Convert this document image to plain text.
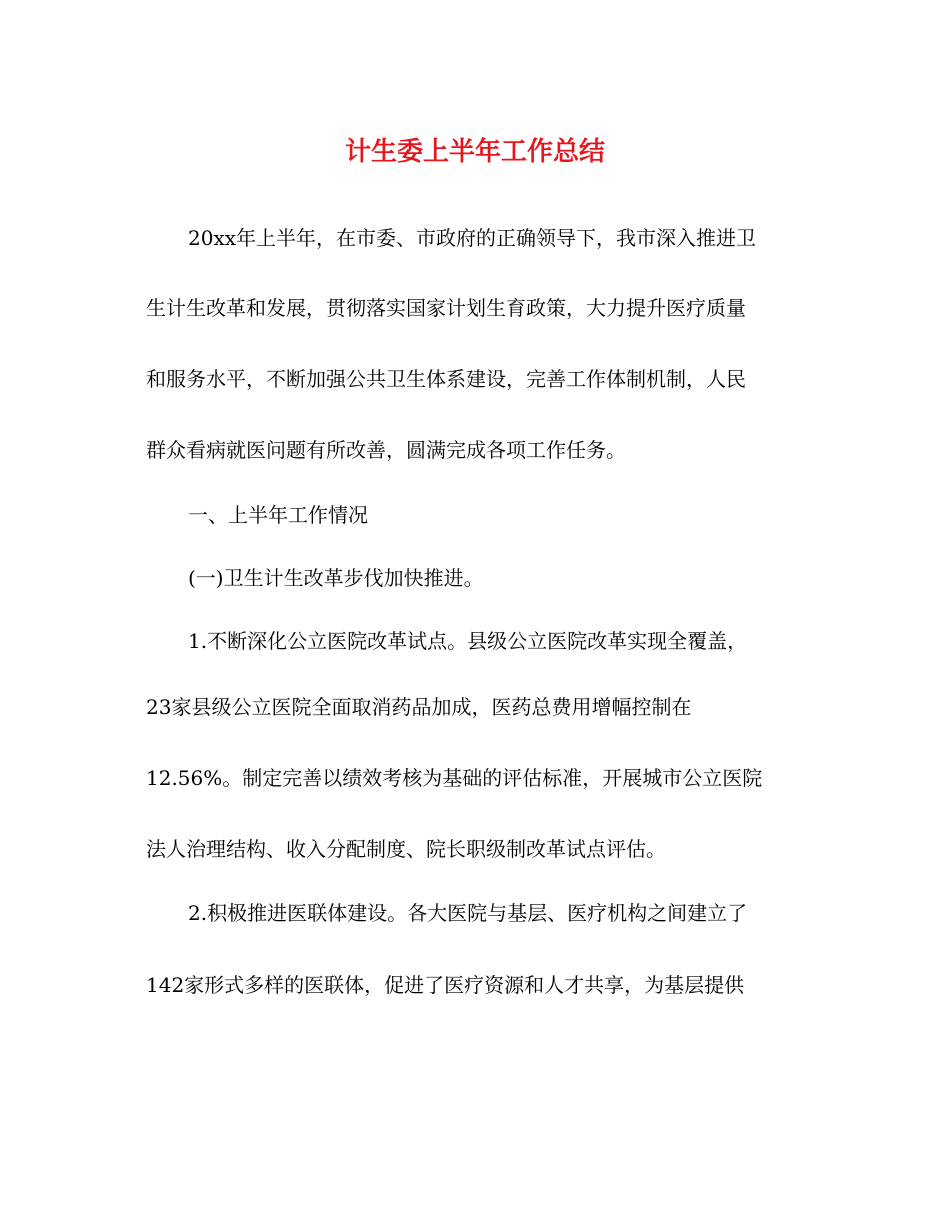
计生委上半年工作总结

20xx年上半年，在市委、市政府的正确领导下，我市深入推进卫

生计生改革和发展，贯彻落实国家计划生育政策，大力提升医疗质量

和服务水平，不断加强公共卫生体系建设，完善工作体制机制，人民

群众看病就医问题有所改善，圆满完成各项工作任务。

一、上半年工作情况

(一)卫生计生改革步伐加快推进。

1.不断深化公立医院改革试点。县级公立医院改革实现全覆盖，

23家县级公立医院全面取消药品加成，医药总费用增幅控制在

12.56%。制定完善以绩效考核为基础的评估标准，开展城市公立医院

法人治理结构、收入分配制度、院长职级制改革试点评估。

2.积极推进医联体建设。各大医院与基层、医疗机构之间建立了

142家形式多样的医联体，促进了医疗资源和人才共享，为基层提供
